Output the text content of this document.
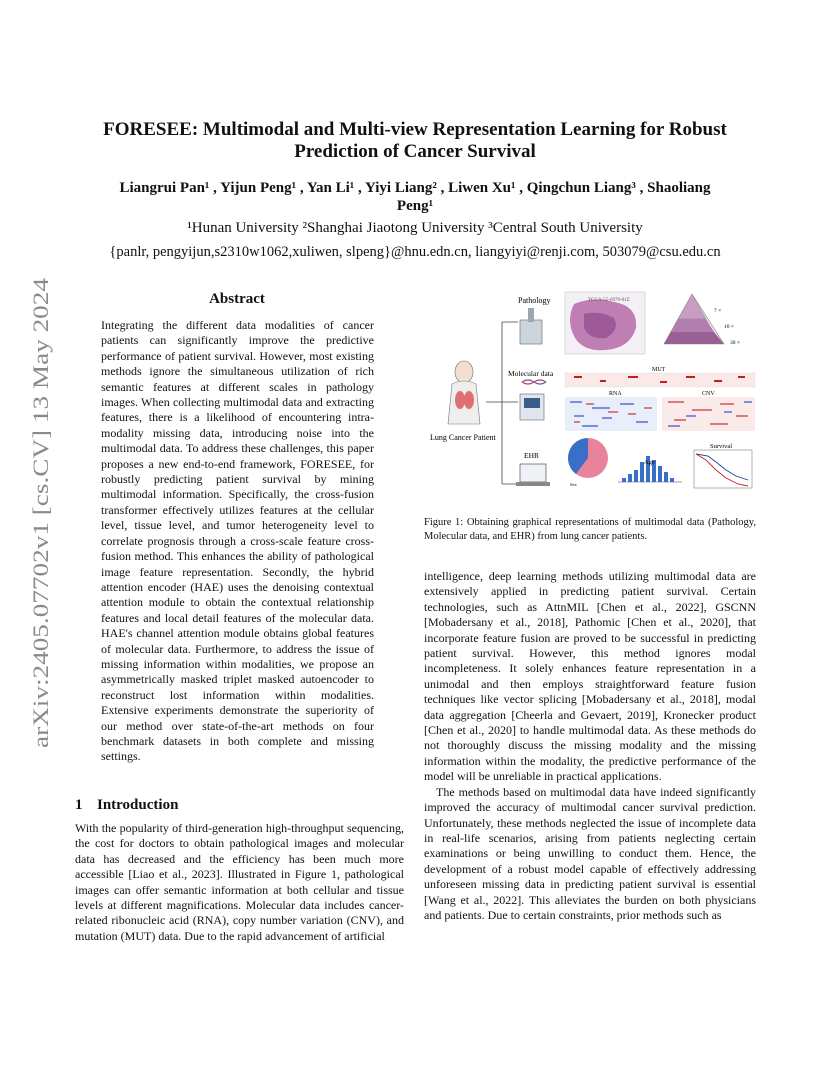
arXiv:2405.07702v1 [cs.CV] 13 May 2024
FORESEE: Multimodal and Multi-view Representation Learning for Robust
Prediction of Cancer Survival
Liangrui Pan¹ , Yijun Peng¹ , Yan Li¹ , Yiyi Liang² , Liwen Xu¹ , Qingchun Liang³ , Shaoliang
Peng¹
¹Hunan University ²Shanghai Jiaotong University ³Central South University
{panlr, pengyijun,s2310w1062,xuliwen, slpeng}@hnu.edn.cn, liangyiyi@renji.com, 503079@csu.edu.cn
Abstract
Integrating the different data modalities of cancer patients can significantly improve the predictive performance of patient survival. However, most existing methods ignore the simultaneous utilization of rich semantic features at different scales in pathology images. When collecting multimodal data and extracting features, there is a likelihood of encountering intra-modality missing data, introducing noise into the multimodal data. To address these challenges, this paper proposes a new end-to-end framework, FORESEE, for robustly predicting patient survival by mining multimodal information. Specifically, the cross-fusion transformer effectively utilizes features at the cellular level, tissue level, and tumor heterogeneity level to correlate prognosis through a cross-scale feature cross-fusion method. This enhances the ability of pathological image feature representation. Secondly, the hybrid attention encoder (HAE) uses the denoising contextual attention module to obtain the contextual relationship features and local detail features of the molecular data. HAE's channel attention module obtains global features of molecular data. Furthermore, to address the issue of missing information within modalities, we propose an asymmetrically masked triplet masked autoencoder to reconstruct lost information within modalities. Extensive experiments demonstrate the superiority of our method over state-of-the-art methods on four benchmark datasets in both complete and missing settings.
1 Introduction
With the popularity of third-generation high-throughput sequencing, the cost for doctors to obtain pathological images and molecular data has decreased and the efficiency has been much more accessible [Liao et al., 2023]. Illustrated in Figure 1, pathological images can offer semantic information at both cellular and tissue levels at different magnifications. Molecular data includes cancer-related ribonucleic acid (RNA), copy number variation (CNV), and mutation (MUT) data. Due to the rapid advancement of artificial
Lung Cancer Patient
Pathology	TCGA-55-6970-01Z
7 ×
10 ×
30 ×
Molecular data	MUT
RNA	CNV
EHR
Sex
Age
Survival
Figure 1: Obtaining graphical representations of multimodal data (Pathology, Molecular data, and EHR) from lung cancer patients.

intelligence, deep learning methods utilizing multimodal data are extensively applied in predicting patient survival. Certain technologies, such as AttnMIL [Chen et al., 2022], GSCNN [Mobadersany et al., 2018], Pathomic [Chen et al., 2020], that incorporate feature fusion are proved to be successful in predicting patient survival. However, this method ignores modal incompleteness. It solely enhances feature representation in a unimodal and then employs straightforward feature fusion techniques like vector splicing [Mobadersany et al., 2018], modal data aggregation [Cheerla and Gevaert, 2019], Kronecker product [Chen et al., 2020] to handle multimodal data. As these methods do not thoroughly discuss the missing modality and the missing information within the modality, the predictive performance of the model will be unreliable in practical applications.

The methods based on multimodal data have indeed significantly improved the accuracy of multimodal cancer survival prediction. Unfortunately, these methods neglected the issue of incomplete data in real-life scenarios, arising from patients neglecting certain examinations or being unwilling to conduct them. Hence, the development of a robust model capable of effectively addressing unforeseen missing data in predicting patient survival is essential [Wang et al., 2022]. This alleviates the burden on both physicians and patients. Due to certain constraints, prior methods such as
